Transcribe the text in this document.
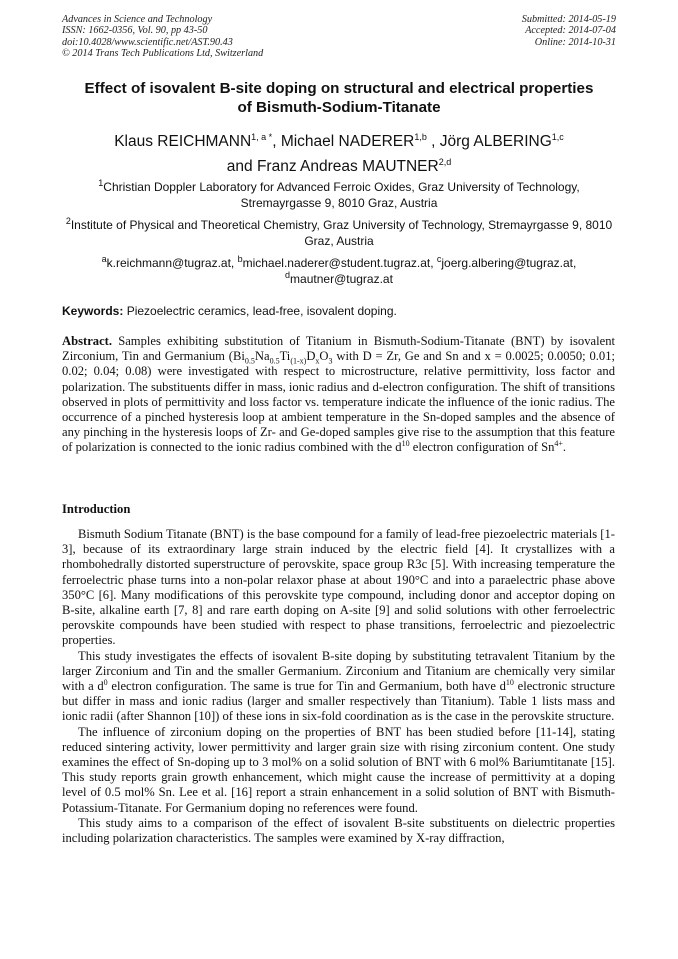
Advances in Science and Technology
ISSN: 1662-0356, Vol. 90, pp 43-50
doi:10.4028/www.scientific.net/AST.90.43
© 2014 Trans Tech Publications Ltd, Switzerland
Submitted: 2014-05-19
Accepted: 2014-07-04
Online: 2014-10-31
Effect of isovalent B-site doping on structural and electrical properties
of Bismuth-Sodium-Titanate
Klaus $REICHMANN^{1, a *}$, Michael NADERER$^{1,b}$ , Jörg ALBERING$^{1,c}$
and Franz Andreas MAUTNER$^{2,d}$
$^1$Christian Doppler Laboratory for Advanced Ferroic Oxides, Graz University of Technology, Stremayrgasse 9, 8010 Graz, Austria
$^2$Institute of Physical and Theoretical Chemistry, Graz University of Technology, Stremayrgasse 9, 8010 Graz, Austria
$^a$k.reichmann@tugraz.at, $^b$michael.naderer@student.tugraz.at, $^c$joerg.albering@tugraz.at,
$^d$mautner@tugraz.at
Keywords: Piezoelectric ceramics, lead-free, isovalent doping.
Abstract. Samples exhibiting substitution of Titanium in Bismuth-Sodium-Titanate (BNT) by isovalent Zirconium, Tin and Germanium ($Bi_{0.5}Na_{0.5}Ti_{(1-x)}D_xO_3$ with D = Zr, Ge and Sn and x = 0.0025; 0.0050; 0.01; 0.02; 0.04; 0.08) were investigated with respect to microstructure, relative permittivity, loss factor and polarization. The substituents differ in mass, ionic radius and d-electron configuration. The shift of transitions observed in plots of permittivity and loss factor vs. temperature indicate the influence of the ionic radius. The occurrence of a pinched hysteresis loop at ambient temperature in the Sn-doped samples and the absence of any pinching in the hysteresis loops of Zr- and Ge-doped samples give rise to the assumption that this feature of polarization is connected to the ionic radius combined with the $d^{10}$ electron configuration of $Sn^{4+}$.
Introduction

Bismuth Sodium Titanate (BNT) is the base compound for a family of lead-free piezoelectric materials [1-3], because of its extraordinary large strain induced by the electric field [4]. It crystallizes with a rhombohedrally distorted superstructure of perovskite, space group R3c [5]. With increasing temperature the ferroelectric phase turns into a non-polar relaxor phase at about 190°C and into a paraelectric phase above 350°C [6]. Many modifications of this perovskite type compound, including donor and acceptor doping on B-site, alkaline earth [7, 8] and rare earth doping on A-site [9] and solid solutions with other ferroelectric perovskite compounds have been studied with respect to phase transitions, ferroelectric and piezoelectric properties.

This study investigates the effects of isovalent B-site doping by substituting tetravalent Titanium by the larger Zirconium and Tin and the smaller Germanium. Zirconium and Titanium are chemically very similar with a $d^0$ electron configuration. The same is true for Tin and Germanium, both have $d^{10}$ electronic structure but differ in mass and ionic radius (larger and smaller respectively than Titanium). Table 1 lists mass and ionic radii (after Shannon [10]) of these ions in six-fold coordination as is the case in the perovskite structure.

The influence of zirconium doping on the properties of BNT has been studied before [11-14], stating reduced sintering activity, lower permittivity and larger grain size with rising zirconium content. One study examines the effect of Sn-doping up to 3 mol% on a solid solution of BNT with 6 mol% Bariumtitanate [15]. This study reports grain growth enhancement, which might cause the increase of permittivity at a doping level of 0.5 mol% Sn. Lee et al. [16] report a strain enhancement in a solid solution of BNT with Bismuth-Potassium-Titanate. For Germanium doping no references were found.

This study aims to a comparison of the effect of isovalent B-site substituents on dielectric properties including polarization characteristics. The samples were examined by X-ray diffraction,
